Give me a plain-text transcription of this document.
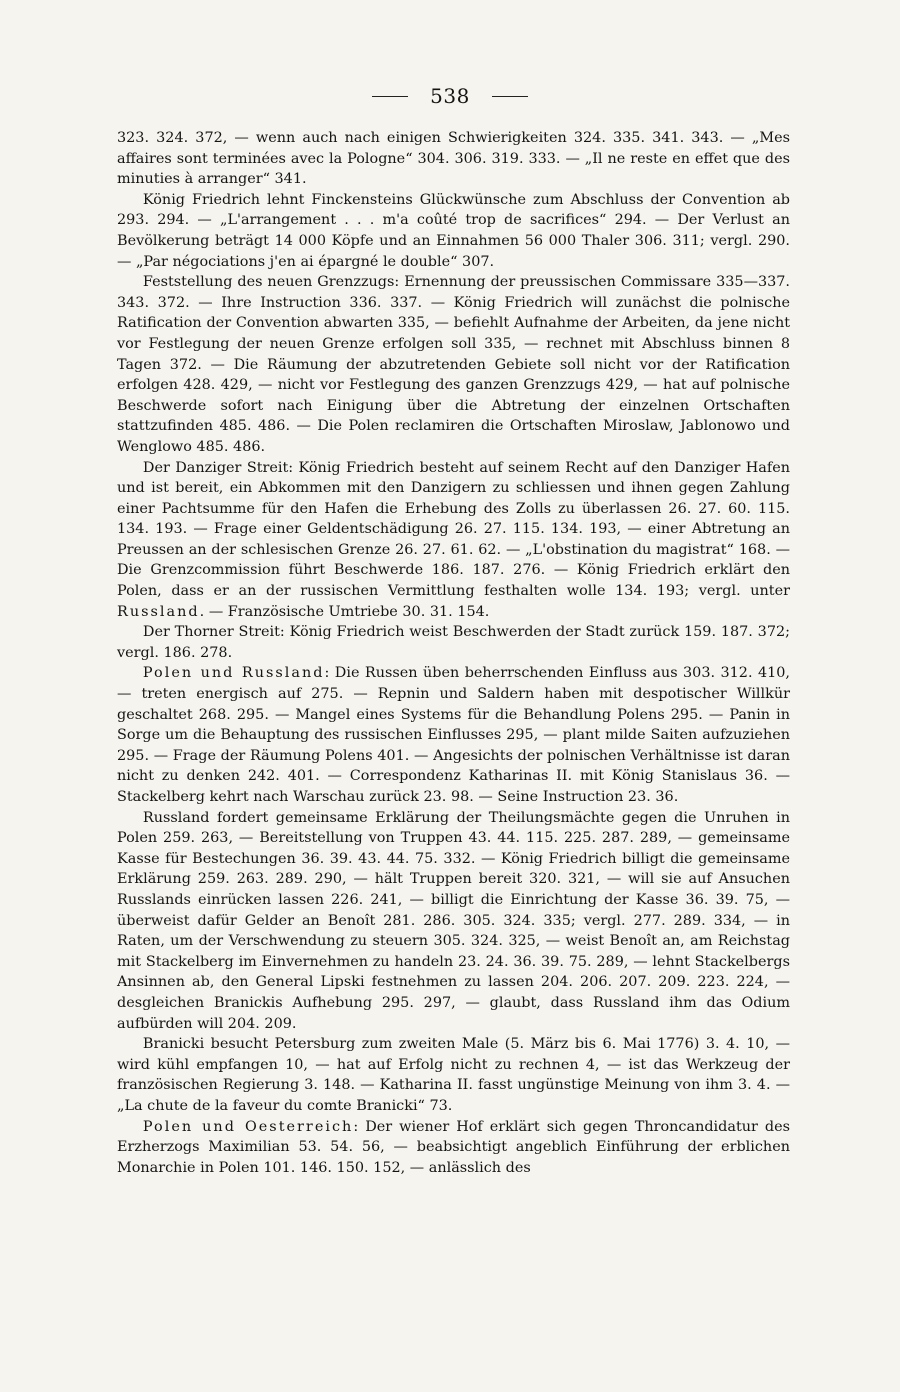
538

323. 324. 372, — wenn auch nach einigen Schwierigkeiten 324. 335. 341. 343. — „Mes affaires sont terminées avec la Pologne“ 304. 306. 319. 333. — „Il ne reste en effet que des minuties à arranger“ 341.

König Friedrich lehnt Finckensteins Glückwünsche zum Abschluss der Convention ab 293. 294. — „L'arrangement . . . m'a coûté trop de sacrifices“ 294. — Der Verlust an Bevölkerung beträgt 14 000 Köpfe und an Einnahmen 56 000 Thaler 306. 311; vergl. 290. — „Par négociations j'en ai épargné le double“ 307.

Feststellung des neuen Grenzzugs: Ernennung der preussischen Commissare 335—337. 343. 372. — Ihre Instruction 336. 337. — König Friedrich will zunächst die polnische Ratification der Convention abwarten 335, — befiehlt Aufnahme der Arbeiten, da jene nicht vor Festlegung der neuen Grenze erfolgen soll 335, — rechnet mit Abschluss binnen 8 Tagen 372. — Die Räumung der abzutretenden Gebiete soll nicht vor der Ratification erfolgen 428. 429, — nicht vor Festlegung des ganzen Grenzzugs 429, — hat auf polnische Beschwerde sofort nach Einigung über die Abtretung der einzelnen Ortschaften stattzufinden 485. 486. — Die Polen reclamiren die Ortschaften Miroslaw, Jablonowo und Wenglowo 485. 486.

Der Danziger Streit: König Friedrich besteht auf seinem Recht auf den Danziger Hafen und ist bereit, ein Abkommen mit den Danzigern zu schliessen und ihnen gegen Zahlung einer Pachtsumme für den Hafen die Erhebung des Zolls zu überlassen 26. 27. 60. 115. 134. 193. — Frage einer Geldentschädigung 26. 27. 115. 134. 193, — einer Abtretung an Preussen an der schlesischen Grenze 26. 27. 61. 62. — „L'obstination du magistrat“ 168. — Die Grenzcommission führt Beschwerde 186. 187. 276. — König Friedrich erklärt den Polen, dass er an der russischen Vermittlung festhalten wolle 134. 193; vergl. unter Russland. — Französische Umtriebe 30. 31. 154.

Der Thorner Streit: König Friedrich weist Beschwerden der Stadt zurück 159. 187. 372; vergl. 186. 278.

Polen und Russland: Die Russen üben beherrschenden Einfluss aus 303. 312. 410, — treten energisch auf 275. — Repnin und Saldern haben mit despotischer Willkür geschaltet 268. 295. — Mangel eines Systems für die Behandlung Polens 295. — Panin in Sorge um die Behauptung des russischen Einflusses 295, — plant milde Saiten aufzuziehen 295. — Frage der Räumung Polens 401. — Angesichts der polnischen Verhältnisse ist daran nicht zu denken 242. 401. — Correspondenz Katharinas II. mit König Stanislaus 36. — Stackelberg kehrt nach Warschau zurück 23. 98. — Seine Instruction 23. 36.

Russland fordert gemeinsame Erklärung der Theilungsmächte gegen die Unruhen in Polen 259. 263, — Bereitstellung von Truppen 43. 44. 115. 225. 287. 289, — gemeinsame Kasse für Bestechungen 36. 39. 43. 44. 75. 332. — König Friedrich billigt die gemeinsame Erklärung 259. 263. 289. 290, — hält Truppen bereit 320. 321, — will sie auf Ansuchen Russlands einrücken lassen 226. 241, — billigt die Einrichtung der Kasse 36. 39. 75, — überweist dafür Gelder an Benoît 281. 286. 305. 324. 335; vergl. 277. 289. 334, — in Raten, um der Verschwendung zu steuern 305. 324. 325, — weist Benoît an, am Reichstag mit Stackelberg im Einvernehmen zu handeln 23. 24. 36. 39. 75. 289, — lehnt Stackelbergs Ansinnen ab, den General Lipski festnehmen zu lassen 204. 206. 207. 209. 223. 224, — desgleichen Branickis Aufhebung 295. 297, — glaubt, dass Russland ihm das Odium aufbürden will 204. 209.

Branicki besucht Petersburg zum zweiten Male (5. März bis 6. Mai 1776) 3. 4. 10, — wird kühl empfangen 10, — hat auf Erfolg nicht zu rechnen 4, — ist das Werkzeug der französischen Regierung 3. 148. — Katharina II. fasst ungünstige Meinung von ihm 3. 4. — „La chute de la faveur du comte Branicki“ 73.

Polen und Oesterreich: Der wiener Hof erklärt sich gegen Throncandidatur des Erzherzogs Maximilian 53. 54. 56, — beabsichtigt angeblich Einführung der erblichen Monarchie in Polen 101. 146. 150. 152, — anlässlich des
